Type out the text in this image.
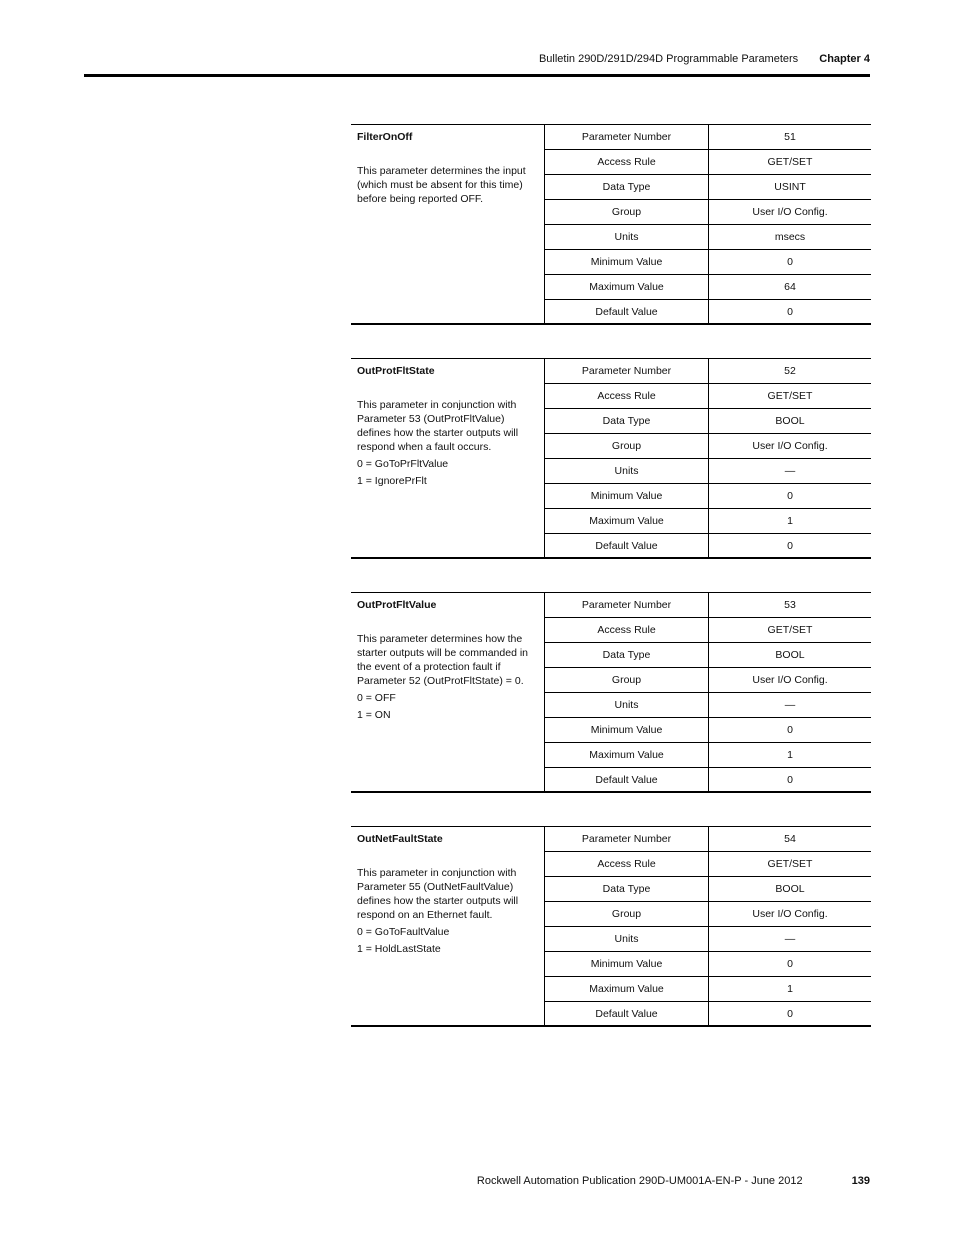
Bulletin 290D/291D/294D Programmable Parameters Chapter 4
FilterOnOff
This parameter determines the input (which must be absent for this time) before being reported OFF.
Parameter Number	51
Access Rule	GET/SET
Data Type	USINT
Group	User I/O Config.
Units	msecs
Minimum Value	0
Maximum Value	64
Default Value	0
OutProtFltState
This parameter in conjunction with Parameter 53 (OutProtFltValue) defines how the starter outputs will respond when a fault occurs.
0 = GoToPrFltValue
1 = IgnorePrFlt
Parameter Number	52
Access Rule	GET/SET
Data Type	BOOL
Group	User I/O Config.
Units	—
Minimum Value	0
Maximum Value	1
Default Value	0
OutProtFltValue
This parameter determines how the starter outputs will be commanded in the event of a protection fault if Parameter 52 (OutProtFltState) = 0.
0 = OFF
1 = ON
Parameter Number	53
Access Rule	GET/SET
Data Type	BOOL
Group	User I/O Config.
Units	—
Minimum Value	0
Maximum Value	1
Default Value	0
OutNetFaultState
This parameter in conjunction with Parameter 55 (OutNetFaultValue) defines how the starter outputs will respond on an Ethernet fault.
0 = GoToFaultValue
1 = HoldLastState
Parameter Number	54
Access Rule	GET/SET
Data Type	BOOL
Group	User I/O Config.
Units	—
Minimum Value	0
Maximum Value	1
Default Value	0
Rockwell Automation Publication 290D-UM001A-EN-P - June 2012	139
